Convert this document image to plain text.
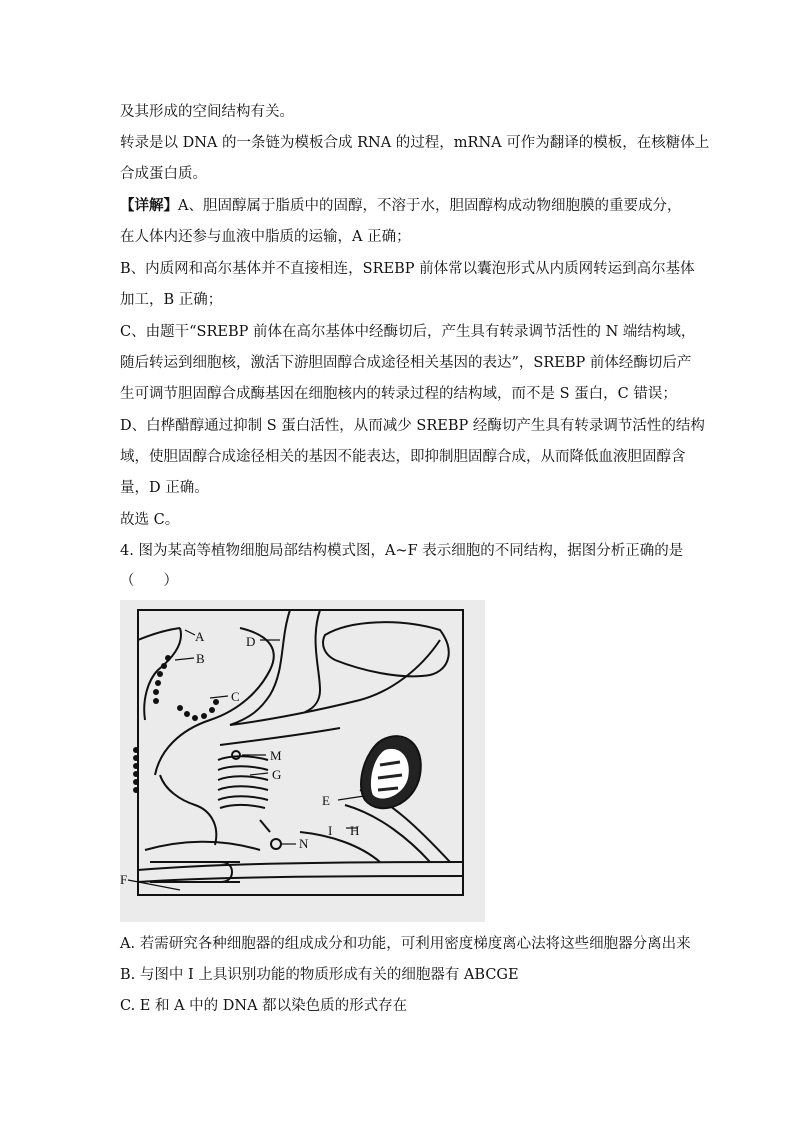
及其形成的空间结构有关。
转录是以 DNA 的一条链为模板合成 RNA 的过程，mRNA 可作为翻译的模板，在核糖体上
合成蛋白质。
【详解】A、胆固醇属于脂质中的固醇，不溶于水，胆固醇构成动物细胞膜的重要成分，
在人体内还参与血液中脂质的运输，A 正确；
B、内质网和高尔基体并不直接相连，SREBP 前体常以囊泡形式从内质网转运到高尔基体
加工，B 正确；
C、由题干“SREBP 前体在高尔基体中经酶切后，产生具有转录调节活性的 N 端结构域，
随后转运到细胞核，激活下游胆固醇合成途径相关基因的表达”，SREBP 前体经酶切后产
生可调节胆固醇合成酶基因在细胞核内的转录过程的结构域，而不是 S 蛋白，C 错误；
D、白桦醋醇通过抑制 S 蛋白活性，从而减少 SREBP 经酶切产生具有转录调节活性的结构
域，使胆固醇合成途径相关的基因不能表达，即抑制胆固醇合成，从而降低血液胆固醇含
量，D 正确。
故选 C。
4. 图为某高等植物细胞局部结构模式图，A~F 表示细胞的不同结构，据图分析正确的是
（　　）
A
B
C
D
M
G
E
I H
N
F
A. 若需研究各种细胞器的组成成分和功能，可利用密度梯度离心法将这些细胞器分离出来
B. 与图中 I 上具识别功能的物质形成有关的细胞器有 ABCGE
C. E 和 A 中的 DNA 都以染色质的形式存在
